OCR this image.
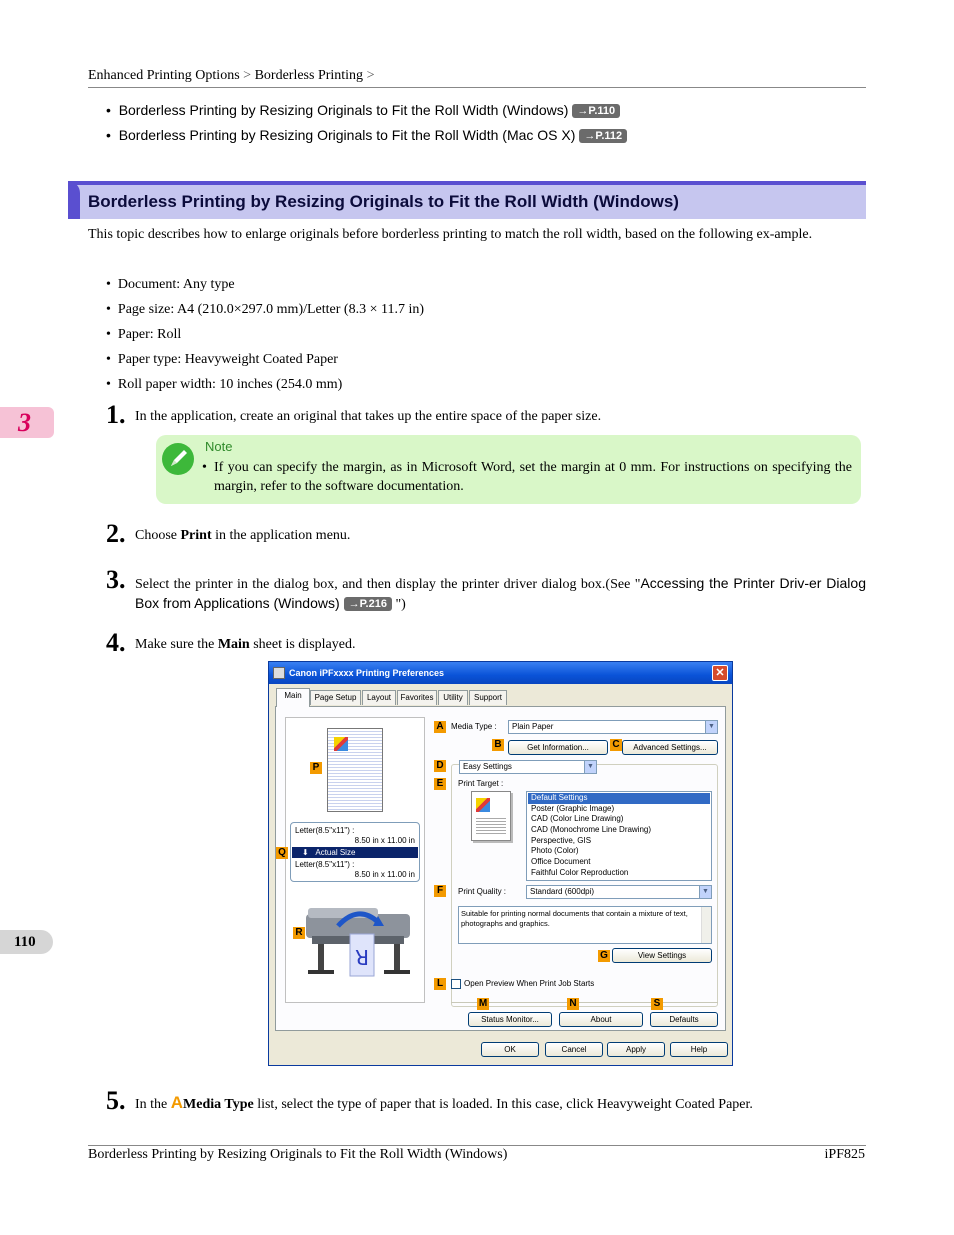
Enhanced Printing Options > Borderless Printing >
•  Borderless Printing by Resizing Originals to Fit the Roll Width (Windows) →P.110
•  Borderless Printing by Resizing Originals to Fit the Roll Width (Mac OS X) →P.112
Borderless Printing by Resizing Originals to Fit the Roll Width (Windows)
This topic describes how to enlarge originals before borderless printing to match the roll width, based on the following ex-ample.
•  Document: Any type
•  Page size: A4 (210.0×297.0 mm)/Letter (8.3 × 11.7 in)
•  Paper: Roll
•  Paper type: Heavyweight Coated Paper
•  Roll paper width: 10 inches (254.0 mm)
3	1. In the application, create an original that takes up the entire space of the paper size.
Note
• If you can specify the margin, as in Microsoft Word, set the margin at 0 mm. For instructions on specifying the margin, refer to the software documentation.
2. Choose Print in the application menu.
3. Select the printer in the dialog box, and then display the printer driver dialog box.(See "Accessing the Printer Driv-er Dialog Box from Applications (Windows) →P.216 ")
4. Make sure the Main sheet is displayed.
Canon iPFxxxx Printing Preferences	✕
Main	Page Setup	Layout	Favorites	Utility	Support
Letter(8.5"x11") :
8.50 in x 11.00 in
⬇ Actual Size
Letter(8.5"x11") :
8.50 in x 11.00 in
R
P
Q
R
A Media Type :	Plain Paper	▼
B	Get Information...	C	Advanced Settings...
D	Easy Settings	▼
E	Print Target :
Default Settings
Poster (Graphic Image)
CAD (Color Line Drawing)
CAD (Monochrome Line Drawing)
Perspective, GIS
Photo (Color)
Office Document
Faithful Color Reproduction
F	Print Quality :	Standard (600dpi)	▼
Suitable for printing normal documents that contain a mixture of text, photographs and graphics.
G	View Settings
L	Open Preview When Print Job Starts
M	N	S
Status Monitor...	About	Defaults
OK	Cancel	Apply	Help
110
5. In the AMedia Type list, select the type of paper that is loaded. In this case, click Heavyweight Coated Paper.
Borderless Printing by Resizing Originals to Fit the Roll Width (Windows)	iPF825
